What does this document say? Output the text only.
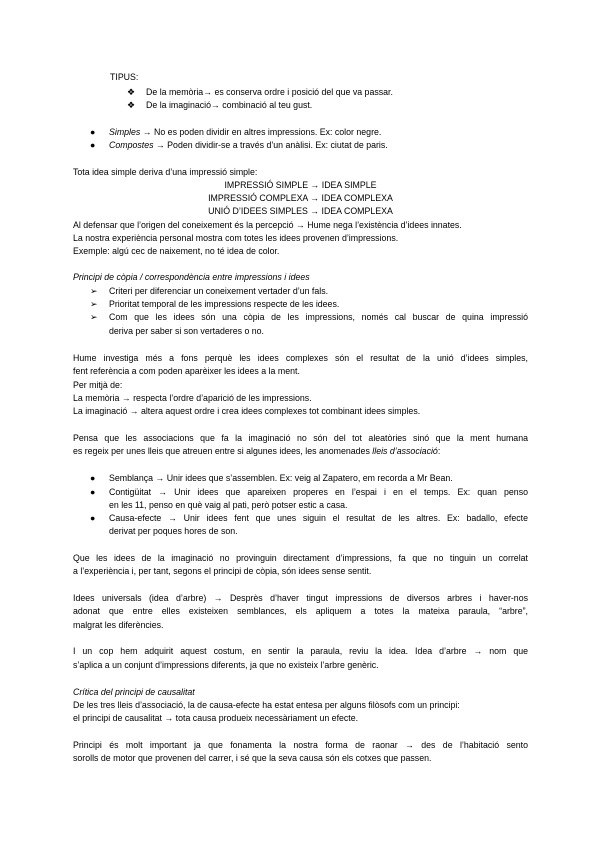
TIPUS:
❖ De la memòria→ es conserva ordre i posició del que va passar.
❖ De la imaginació→ combinació al teu gust.
● Simples → No es poden dividir en altres impressions. Ex: color negre.
● Compostes → Poden dividir-se a través d’un anàlisi. Ex: ciutat de paris.
Tota idea simple deriva d’una impressió simple:
IMPRESSIÓ SIMPLE → IDEA SIMPLE
IMPRESSIÓ COMPLEXA → IDEA COMPLEXA
UNIÓ D’IDEES SIMPLES → IDEA COMPLEXA
Al defensar que l’origen del coneixement és la percepció → Hume nega l’existència d’idees innates.
La nostra experiència personal mostra com totes les idees provenen d’impressions.
Exemple: algú cec de naixement, no té idea de color.
Principi de còpia / correspondència entre impressions i idees
➢ Criteri per diferenciar un coneixement vertader d’un fals.
➢ Prioritat temporal de les impressions respecte de les idees.
➢ Com que les idees són una còpia de les impressions, només cal buscar de quina impressió

deriva per saber si son vertaderes o no.

Hume investiga més a fons perquè les idees complexes són el resultat de la unió d’idees simples,

fent referència a com poden aparèixer les idees a la ment.
Per mitjà de:
La memòria → respecta l’ordre d’aparició de les impressions.
La imaginació → altera aquest ordre i crea idees complexes tot combinant idees simples.

Pensa que les associacions que fa la imaginació no són del tot aleatòries sinó que la ment humana

es regeix per unes lleis que atreuen entre si algunes idees, les anomenades lleis d’associació:
● Semblança → Unir idees que s’assemblen. Ex: veig al Zapatero, em recorda a Mr Bean.
● Contigüitat → Unir idees que apareixen properes en l’espai i en el temps. Ex: quan penso

en les 11, penso en què vaig al pati, però potser estic a casa.
● Causa-efecte → Unir idees fent que unes siguin el resultat de les altres. Ex: badallo, efecte

derivat per poques hores de son.

Que les idees de la imaginació no provinguin directament d’impressions, fa que no tinguin un correlat

a l’experiència i, per tant, segons el principi de còpia, són idees sense sentit.

Idees universals (idea d’arbre) → Desprès d’haver tingut impressions de diversos arbres i haver-nos

adonat que entre elles existeixen semblances, els apliquem a totes la mateixa paraula, “arbre”,

malgrat les diferències.

I un cop hem adquirit aquest costum, en sentir la paraula, reviu la idea. Idea d’arbre → nom que

s’aplica a un conjunt d’impressions diferents, ja que no existeix l’arbre genèric.
Crítica del principi de causalitat
De les tres lleis d’associació, la de causa-efecte ha estat entesa per alguns filòsofs com un principi:
el principi de causalitat → tota causa produeix necessàriament un efecte.

Principi és molt important ja que fonamenta la nostra forma de raonar → des de l’habitació sento

sorolls de motor que provenen del carrer, i sé que la seva causa són els cotxes que passen.
